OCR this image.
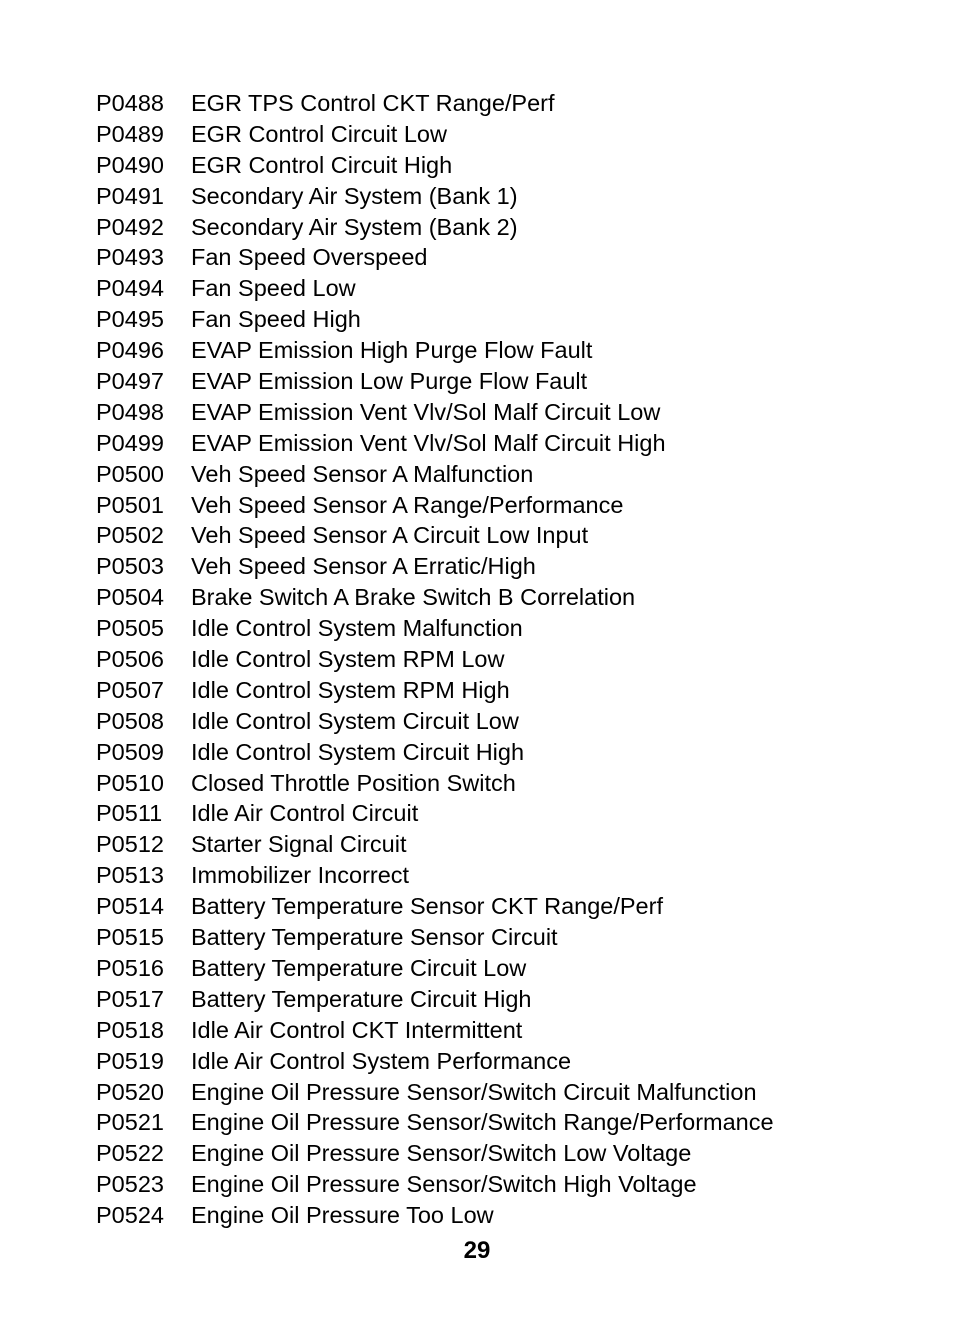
P0488	EGR TPS Control CKT Range/Perf
P0489	EGR Control Circuit Low
P0490	EGR Control Circuit High
P0491	Secondary Air System (Bank 1)
P0492	Secondary Air System (Bank 2)
P0493	Fan Speed Overspeed
P0494	Fan Speed Low
P0495	Fan Speed High
P0496	EVAP Emission High Purge Flow Fault
P0497	EVAP Emission Low Purge Flow Fault
P0498	EVAP Emission Vent Vlv/Sol Malf Circuit Low
P0499	EVAP Emission Vent Vlv/Sol Malf Circuit High
P0500	Veh Speed Sensor A Malfunction
P0501	Veh Speed Sensor A Range/Performance
P0502	Veh Speed Sensor A Circuit Low Input
P0503	Veh Speed Sensor A Erratic/High
P0504	Brake Switch A Brake Switch B Correlation
P0505	Idle Control System Malfunction
P0506	Idle Control System RPM Low
P0507	Idle Control System RPM High
P0508	Idle Control System Circuit Low
P0509	Idle Control System Circuit High
P0510	Closed Throttle Position Switch
P0511	Idle Air Control Circuit
P0512	Starter Signal Circuit
P0513	Immobilizer Incorrect
P0514	Battery Temperature Sensor CKT Range/Perf
P0515	Battery Temperature Sensor Circuit
P0516	Battery Temperature Circuit Low
P0517	Battery Temperature Circuit High
P0518	Idle Air Control CKT Intermittent
P0519	Idle Air Control System Performance
P0520	Engine Oil Pressure Sensor/Switch Circuit Malfunction
P0521	Engine Oil Pressure Sensor/Switch Range/Performance
P0522	Engine Oil Pressure Sensor/Switch Low Voltage
P0523	Engine Oil Pressure Sensor/Switch High Voltage
P0524	Engine Oil Pressure Too Low
29
